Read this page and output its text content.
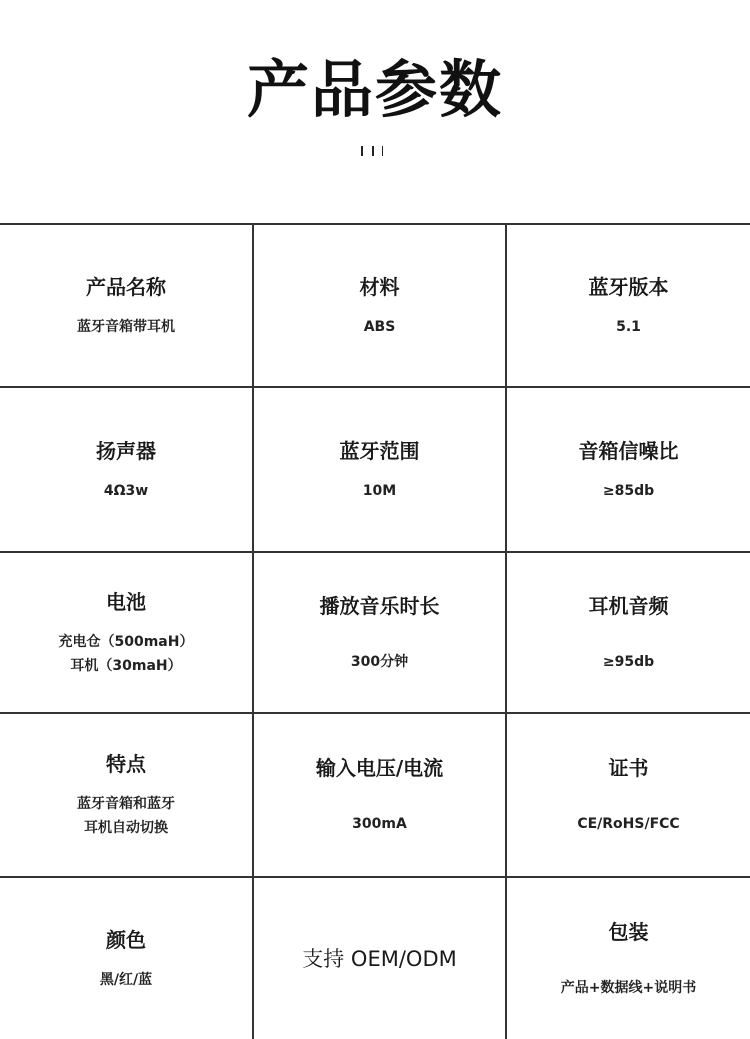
产品参数
产品名称
蓝牙音箱带耳机
材料
ABS
蓝牙版本
5.1
扬声器
4Ω3w
蓝牙范围
10M
音箱信噪比
≥85db
电池
充电仓（500maH）
耳机（30maH）
播放音乐时长
300分钟
耳机音频
≥95db
特点
蓝牙音箱和蓝牙
耳机自动切换
输入电压/电流
300mA
证书
CE/RoHS/FCC
颜色
黑/红/蓝
支持 OEM/ODM
包装
产品+数据线+说明书
